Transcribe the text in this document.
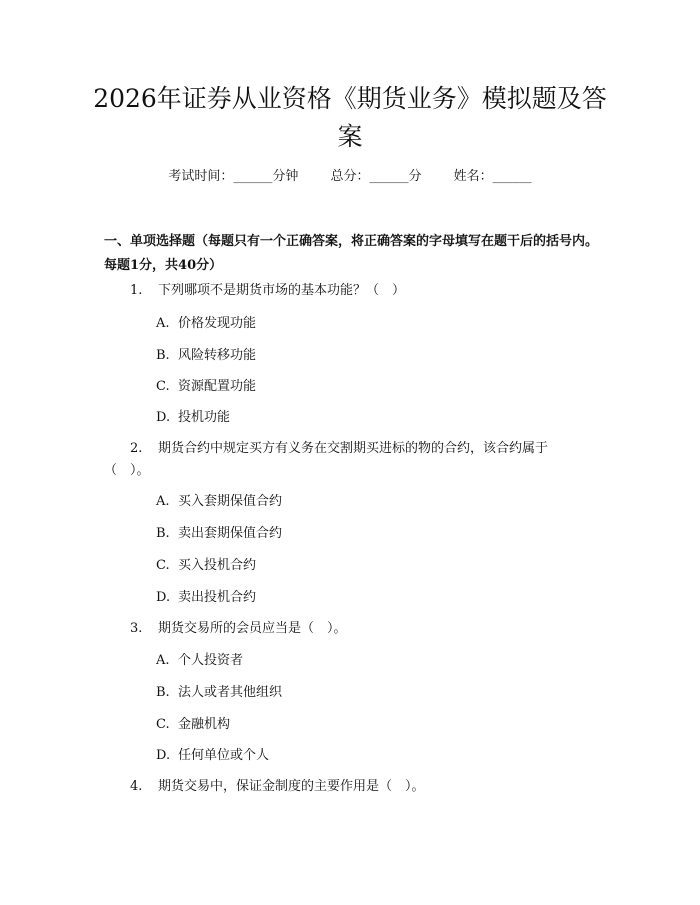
2026年证券从业资格《期货业务》模拟题及答案
考试时间：______分钟 总分：______分 姓名：______
一、单项选择题（每题只有一个正确答案，将正确答案的字母填写在题干后的括号内。每题1分，共40分）
1. 下列哪项不是期货市场的基本功能？（　）
A. 价格发现功能
B. 风险转移功能
C. 资源配置功能
D. 投机功能
2. 期货合约中规定买方有义务在交割期买进标的物的合约，该合约属于（　）。
A. 买入套期保值合约
B. 卖出套期保值合约
C. 买入投机合约
D. 卖出投机合约
3. 期货交易所的会员应当是（　）。
A. 个人投资者
B. 法人或者其他组织
C. 金融机构
D. 任何单位或个人
4. 期货交易中，保证金制度的主要作用是（　）。
